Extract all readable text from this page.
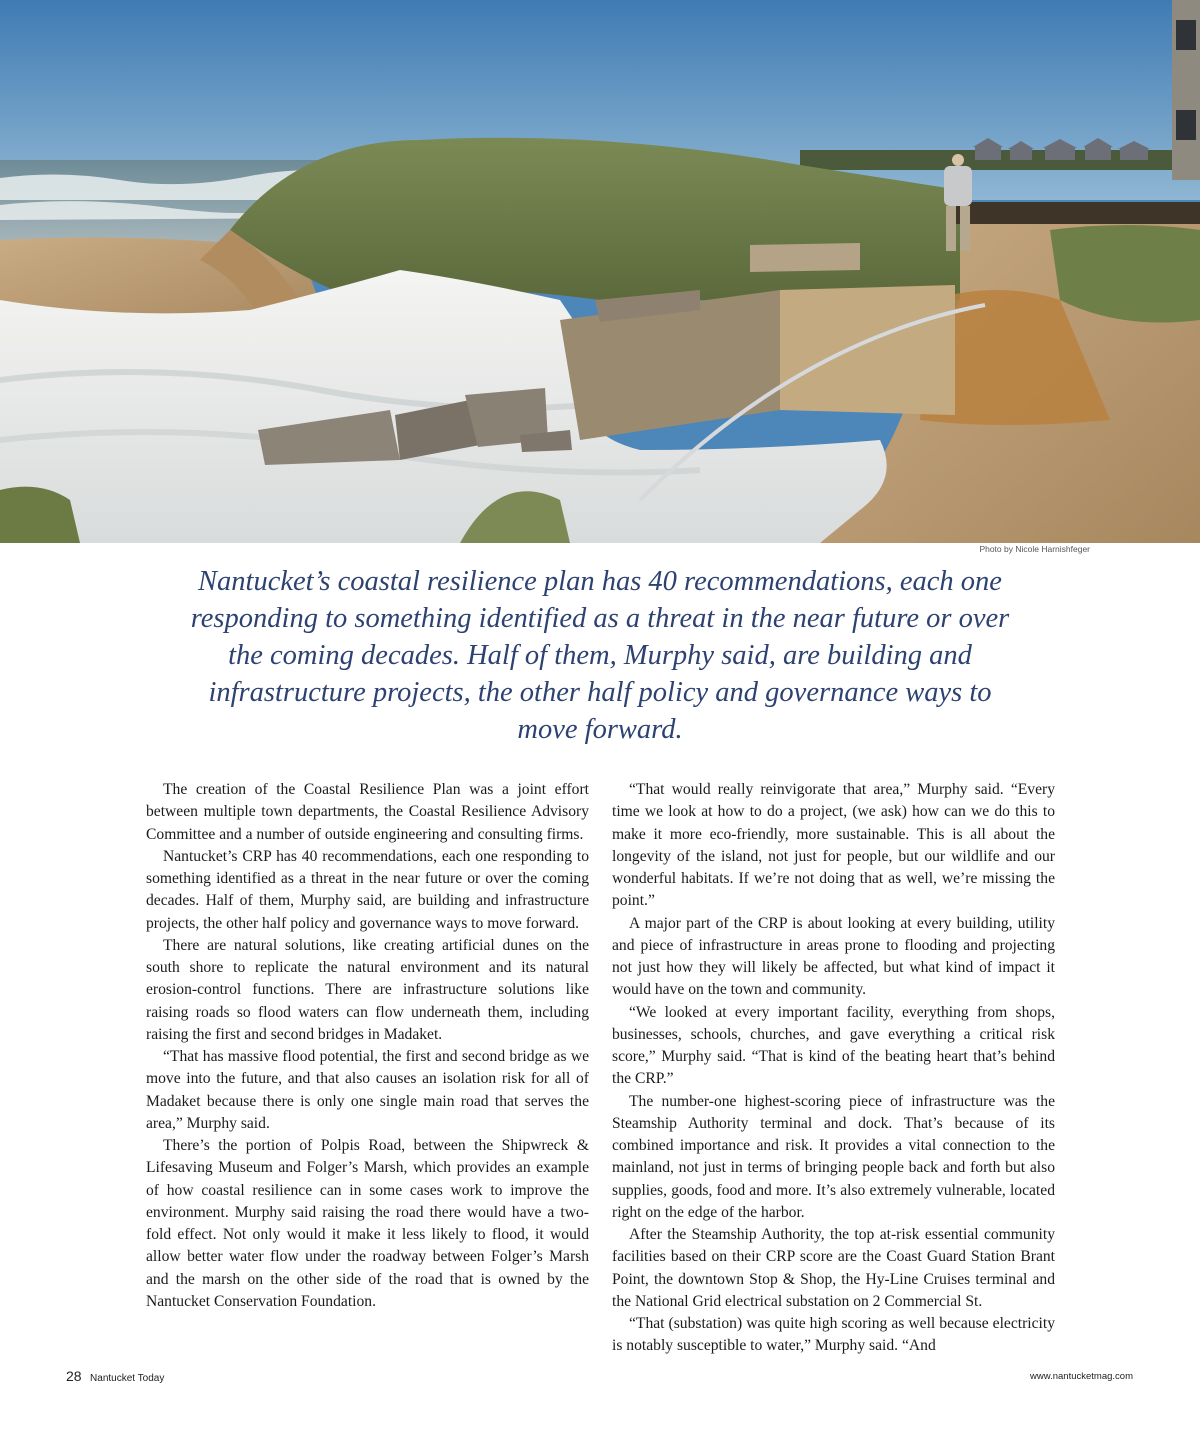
Photo by Nicole Harnishfeger

Nantucket’s coastal resilience plan has 40 recommendations, each one responding to something identified as a threat in the near future or over the coming decades. Half of them, Murphy said, are building and infrastructure projects, the other half policy and governance ways to move forward.

The creation of the Coastal Resilience Plan was a joint effort between multiple town departments, the Coastal Resilience Advisory Committee and a number of outside engineering and consulting firms.

Nantucket’s CRP has 40 recommendations, each one responding to something identified as a threat in the near future or over the coming decades. Half of them, Murphy said, are building and infrastructure projects, the other half policy and governance ways to move forward.

There are natural solutions, like creating artificial dunes on the south shore to replicate the natural environment and its natural erosion-control functions. There are infrastructure solutions like raising roads so flood waters can flow underneath them, including raising the first and second bridges in Madaket.

“That has massive flood potential, the first and second bridge as we move into the future, and that also causes an isolation risk for all of Madaket because there is only one single main road that serves the area,” Murphy said.

There’s the portion of Polpis Road, between the Shipwreck & Lifesaving Museum and Folger’s Marsh, which provides an example of how coastal resilience can in some cases work to improve the environment. Murphy said raising the road there would have a two-fold effect. Not only would it make it less likely to flood, it would allow better water flow under the roadway between Folger’s Marsh and the marsh on the other side of the road that is owned by the Nantucket Conservation Foundation.

“That would really reinvigorate that area,” Murphy said. “Every time we look at how to do a project, (we ask) how can we do this to make it more eco-friendly, more sustainable. This is all about the longevity of the island, not just for people, but our wildlife and our wonderful habitats. If we’re not doing that as well, we’re missing the point.”

A major part of the CRP is about looking at every building, utility and piece of infrastructure in areas prone to flooding and projecting not just how they will likely be affected, but what kind of impact it would have on the town and community.

“We looked at every important facility, everything from shops, businesses, schools, churches, and gave everything a critical risk score,” Murphy said. “That is kind of the beating heart that’s behind the CRP.”

The number-one highest-scoring piece of infrastructure was the Steamship Authority terminal and dock. That’s because of its combined importance and risk. It provides a vital connection to the mainland, not just in terms of bringing people back and forth but also supplies, goods, food and more. It’s also extremely vulnerable, located right on the edge of the harbor.

After the Steamship Authority, the top at-risk essential community facilities based on their CRP score are the Coast Guard Station Brant Point, the downtown Stop & Shop, the Hy-Line Cruises terminal and the National Grid electrical substation on 2 Commercial St.

“That (substation) was quite high scoring as well because electricity is notably susceptible to water,” Murphy said. “And

28 Nantucket Today	www.nantucketmag.com
